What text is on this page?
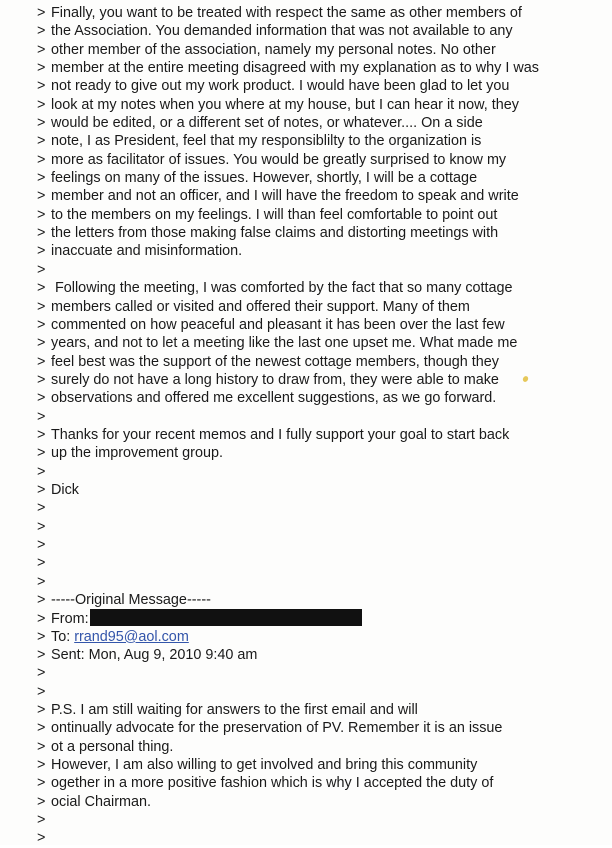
> Finally, you want to be treated with respect the same as other members of
> the Association. You demanded information that was not available to any
> other member of the association, namely my personal notes. No other
> member at the entire meeting disagreed with my explanation as to why I was
> not ready to give out my work product. I would have been glad to let you
> look at my notes when you where at my house, but I can hear it now, they
> would be edited, or a different set of notes, or whatever.... On a side
> note, I as President, feel that my responsiblilty to the organization is
> more as facilitator of issues. You would be greatly surprised to know my
> feelings on many of the issues. However, shortly, I will be a cottage
> member and not an officer, and I will have the freedom to speak and write
> to the members on my feelings. I will than feel comfortable to point out
> the letters from those making false claims and distorting meetings with
> inaccuate and misinformation.
>
> Following the meeting, I was comforted by the fact that so many cottage
> members called or visited and offered their support. Many of them
> commented on how peaceful and pleasant it has been over the last few
> years, and not to let a meeting like the last one upset me. What made me
> feel best was the support of the newest cottage members, though they
> surely do not have a long history to draw from, they were able to make
> observations and offered me excellent suggestions, as we go forward.
>
> Thanks for your recent memos and I fully support your goal to start back
> up the improvement group.
>
> Dick
>
>
>
>
>
> -----Original Message-----
> From:
> To: rrand95@aol.com
> Sent: Mon, Aug 9, 2010 9:40 am
>
>
> P.S. I am still waiting for answers to the first email and will
> ontinually advocate for the preservation of PV. Remember it is an issue
> ot a personal thing.
> However, I am also willing to get involved and bring this community
> ogether in a more positive fashion which is why I accepted the duty of
> ocial Chairman.
>
>
